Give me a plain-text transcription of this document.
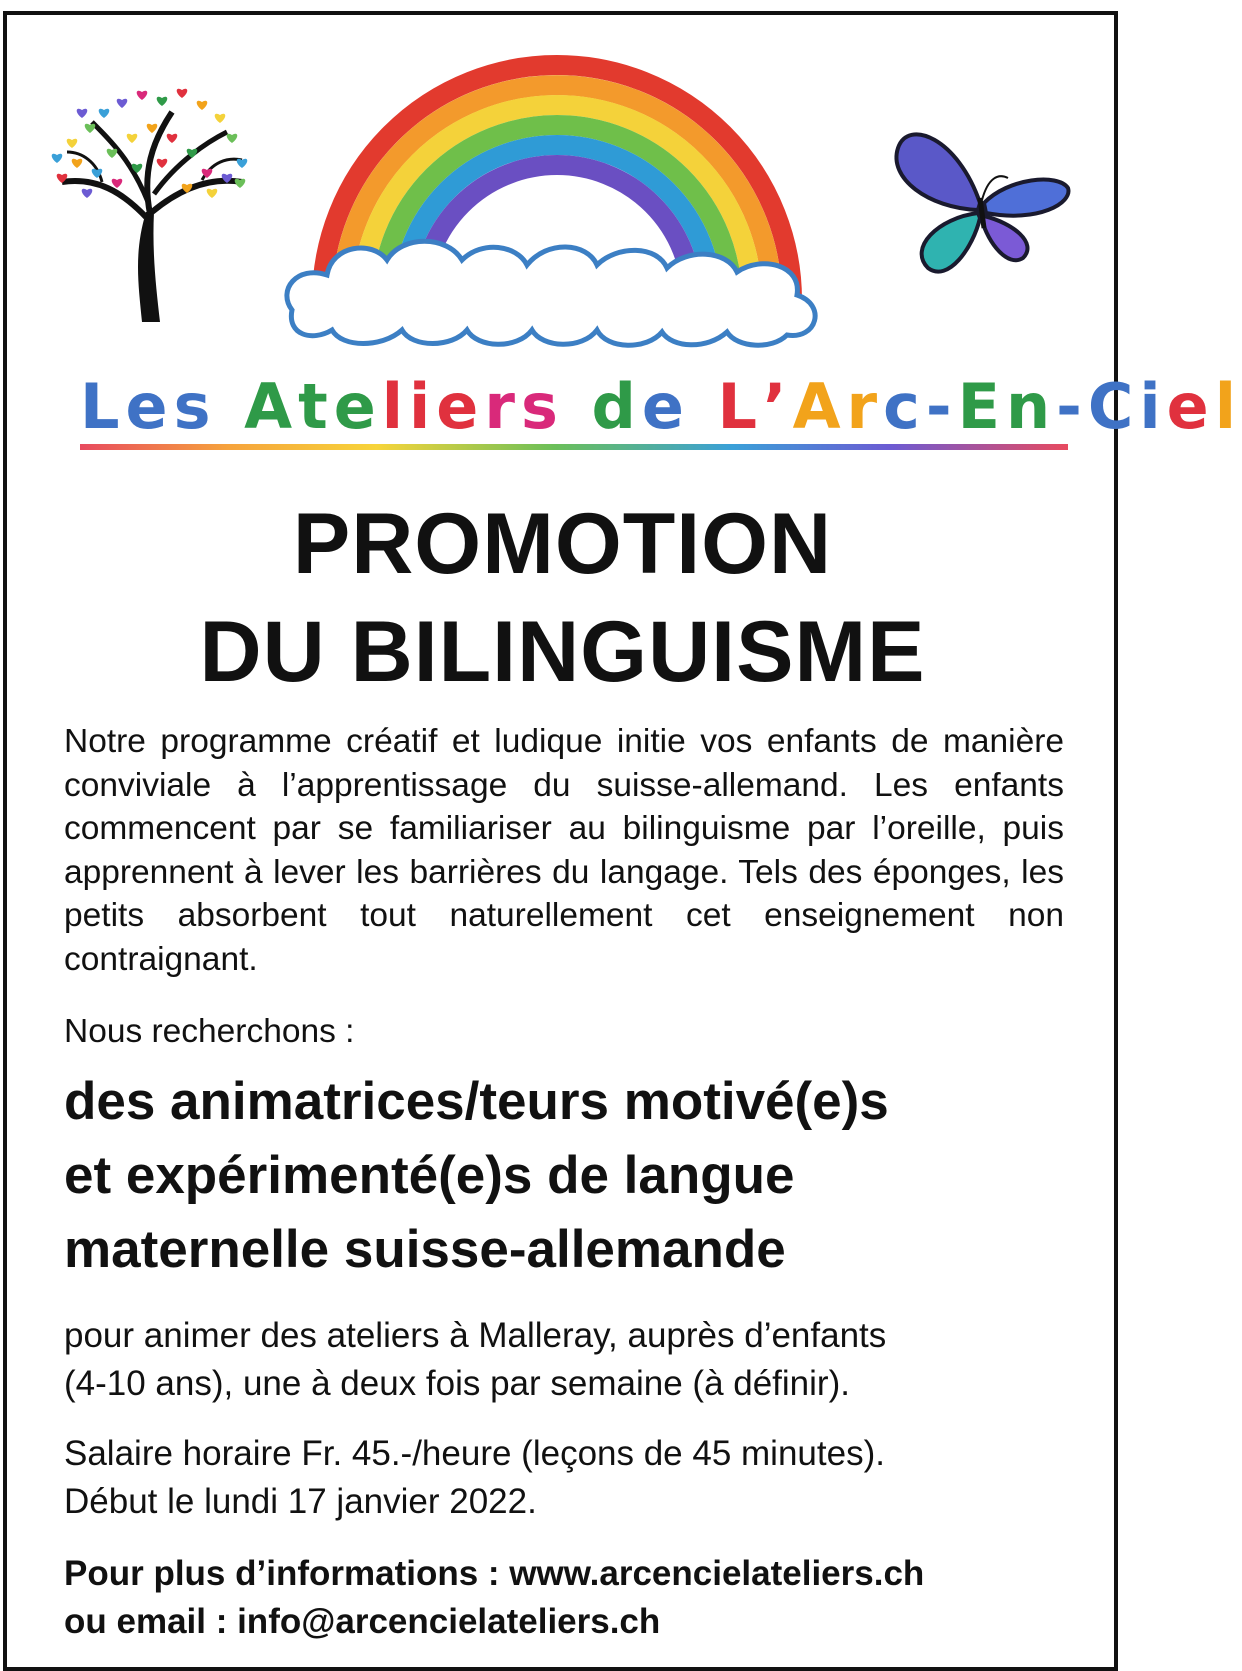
Les Ateliers de L’Arc-En-Ciel

PROMOTION
DU BILINGUISME

Notre programme créatif et ludique initie vos enfants de manière conviviale à l’apprentissage du suisse-allemand. Les enfants commencent par se familiariser au bilinguisme par l’oreille, puis apprennent à lever les barrières du langage. Tels des éponges, les petits absorbent tout naturellement cet enseignement non contraignant.

Nous recherchons :

des animatrices/teurs motivé(e)s
et expérimenté(e)s de langue
maternelle suisse-allemande

pour animer des ateliers à Malleray, auprès d’enfants
(4-10 ans), une à deux fois par semaine (à définir).

Salaire horaire Fr. 45.-/heure (leçons de 45 minutes).
Début le lundi 17 janvier 2022.

Pour plus d’informations : www.arcencielateliers.ch
ou email : info@arcencielateliers.ch
